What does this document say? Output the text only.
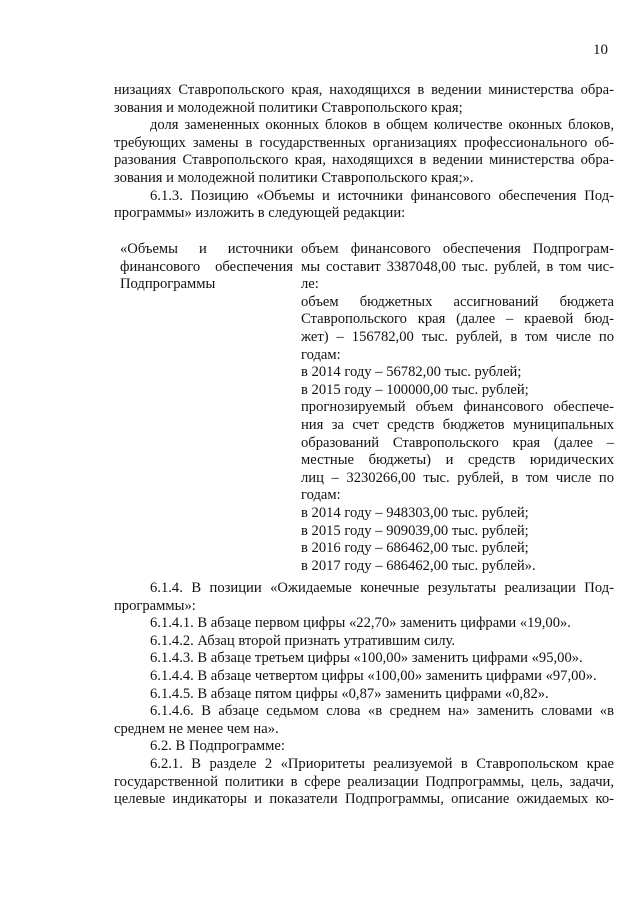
10
низациях Ставропольского края, находящихся в ведении министерства обра-
зования и молодежной политики Ставропольского края;
доля замененных оконных блоков в общем количестве оконных блоков,
требующих замены в государственных организациях профессионального об-
разования Ставропольского края, находящихся в ведении министерства обра-
зования и молодежной политики Ставропольского края;».
6.1.3. Позицию «Объемы и источники финансового обеспечения Под-
программы» изложить в следующей редакции:
«Объемы и источники
финансового обеспечения
Подпрограммы
объем финансового обеспечения Подпрограм-
мы составит 3387048,00 тыс. рублей, в том чис-
ле:
объем бюджетных ассигнований бюджета
Ставропольского края (далее – краевой бюд-
жет) – 156782,00 тыс. рублей, в том числе по
годам:
в 2014 году – 56782,00 тыс. рублей;
в 2015 году – 100000,00 тыс. рублей;
прогнозируемый объем финансового обеспече-
ния за счет средств бюджетов муниципальных
образований Ставропольского края (далее –
местные бюджеты) и средств юридических
лиц – 3230266,00 тыс. рублей, в том числе по
годам:
в 2014 году – 948303,00 тыс. рублей;
в 2015 году – 909039,00 тыс. рублей;
в 2016 году – 686462,00 тыс. рублей;
в 2017 году – 686462,00 тыс. рублей».
6.1.4. В позиции «Ожидаемые конечные результаты реализации Под-
программы»:
6.1.4.1. В абзаце первом цифры «22,70» заменить цифрами «19,00».
6.1.4.2. Абзац второй признать утратившим силу.
6.1.4.3. В абзаце третьем цифры «100,00» заменить цифрами «95,00».
6.1.4.4. В абзаце четвертом цифры «100,00» заменить цифрами «97,00».
6.1.4.5. В абзаце пятом цифры «0,87» заменить цифрами «0,82».
6.1.4.6. В абзаце седьмом слова «в среднем на» заменить словами «в
среднем не менее чем на».
6.2. В Подпрограмме:
6.2.1. В разделе 2 «Приоритеты реализуемой в Ставропольском крае
государственной политики в сфере реализации Подпрограммы, цель, задачи,
целевые индикаторы и показатели Подпрограммы, описание ожидаемых ко-
